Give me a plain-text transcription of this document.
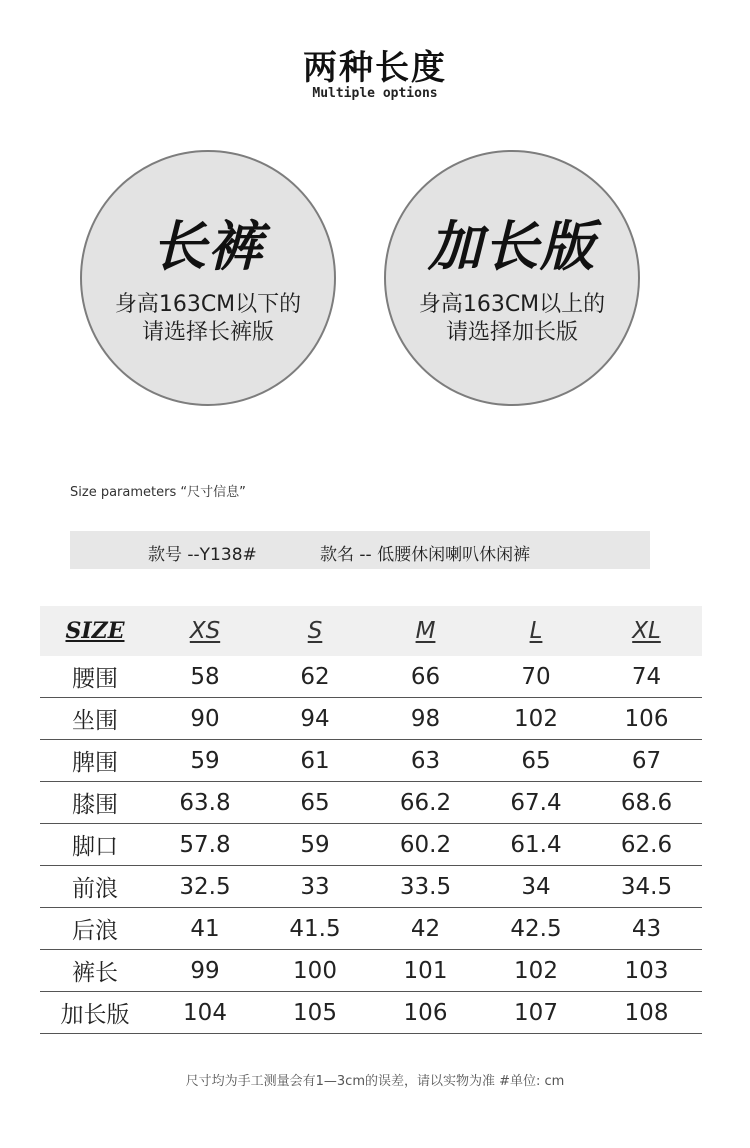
两种长度
Multiple options
长裤
身高163CM以下的
请选择长裤版
加长版
身高163CM以上的
请选择加长版
Size parameters “尺寸信息”
款号 --Y138#	款名 -- 低腰休闲喇叭休闲裤
SIZE	XS	S	M	L	XL
腰围	58	62	66	70	74
坐围	90	94	98	102	106
脾围	59	61	63	65	67
膝围	63.8	65	66.2	67.4	68.6
脚口	57.8	59	60.2	61.4	62.6
前浪	32.5	33	33.5	34	34.5
后浪	41	41.5	42	42.5	43
裤长	99	100	101	102	103
加长版	104	105	106	107	108
尺寸均为手工测量会有1—3cm的误差，请以实物为准 #单位: cm
